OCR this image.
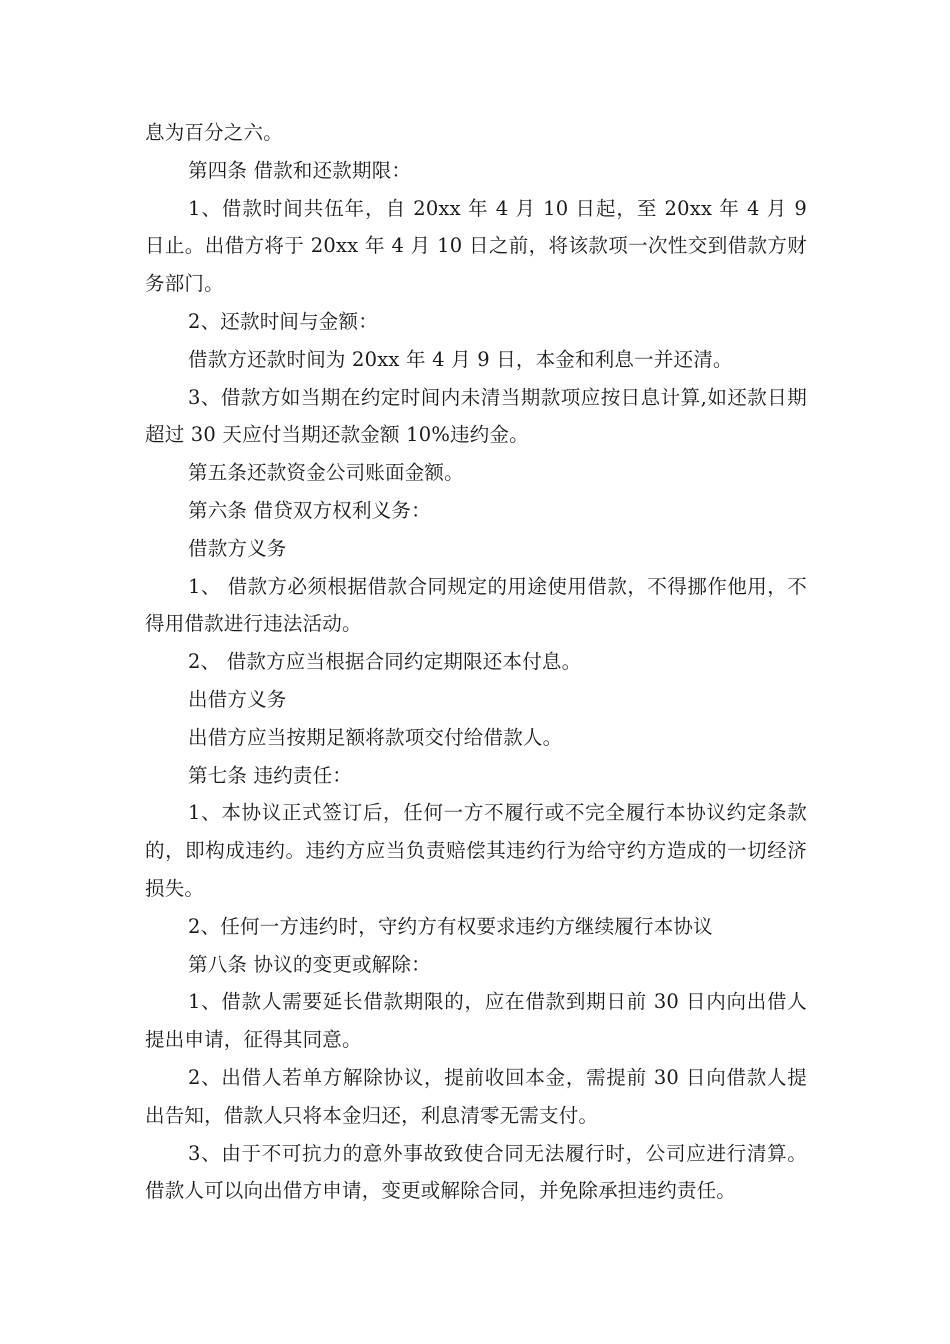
息为百分之六。

第四条 借款和还款期限：

1、借款时间共伍年，自 20xx 年 4 月 10 日起，至 20xx 年 4 月 9 日止。出借方将于 20xx 年 4 月 10 日之前，将该款项一次性交到借款方财务部门。

2、还款时间与金额：

借款方还款时间为 20xx 年 4 月 9 日，本金和利息一并还清。

3、借款方如当期在约定时间内未清当期款项应按日息计算,如还款日期超过 30 天应付当期还款金额 10%违约金。

第五条还款资金公司账面金额。

第六条 借贷双方权利义务：

借款方义务

1、 借款方必须根据借款合同规定的用途使用借款，不得挪作他用，不得用借款进行违法活动。

2、 借款方应当根据合同约定期限还本付息。

出借方义务

出借方应当按期足额将款项交付给借款人。

第七条 违约责任：

1、本协议正式签订后，任何一方不履行或不完全履行本协议约定条款的，即构成违约。违约方应当负责赔偿其违约行为给守约方造成的一切经济损失。

2、任何一方违约时，守约方有权要求违约方继续履行本协议

第八条 协议的变更或解除：

1、借款人需要延长借款期限的，应在借款到期日前 30 日内向出借人提出申请，征得其同意。

2、出借人若单方解除协议，提前收回本金，需提前 30 日向借款人提出告知，借款人只将本金归还，利息清零无需支付。

3、由于不可抗力的意外事故致使合同无法履行时，公司应进行清算。借款人可以向出借方申请，变更或解除合同，并免除承担违约责任。
